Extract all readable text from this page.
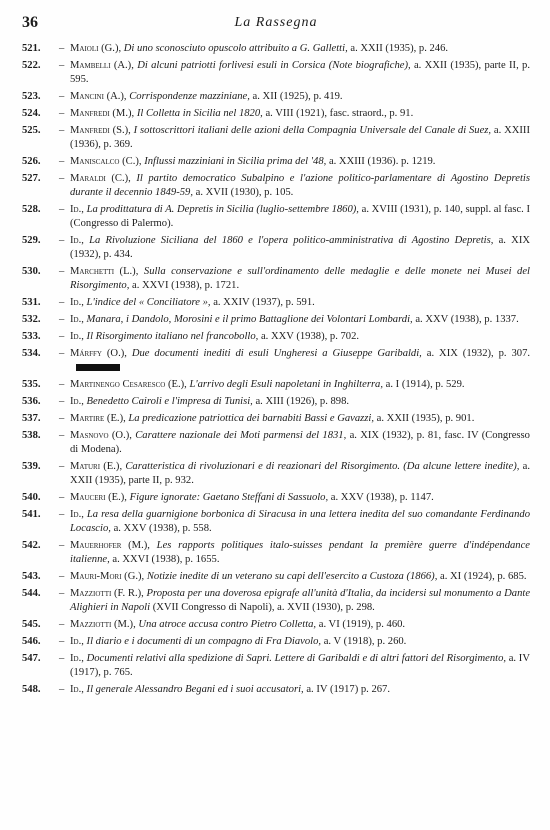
36	La Rassegna
521.	– Maioli (G.), Di uno sconosciuto opuscolo attribuito a G. Galletti, a. XXII (1935), p. 246.
522.	– Mambelli (A.), Di alcuni patriotti forlivesi esuli in Corsica (Note biografiche), a. XXII (1935), parte II, p. 595.
523.	– Mancini (A.), Corrispondenze mazziniane, a. XII (1925), p. 419.
524.	– Manfredi (M.), Il Colletta in Sicilia nel 1820, a. VIII (1921), fasc. straord., p. 91.
525.	– Manfredi (S.), I sottoscrittori italiani delle azioni della Compagnia Universale del Canale di Suez, a. XXIII (1936), p. 369.
526.	– Maniscalco (C.), Influssi mazziniani in Sicilia prima del '48, a. XXIII (1936). p. 1219.
527.	– Maraldi (C.), Il partito democratico Subalpino e l'azione politico-parlamentare di Agostino Depretis durante il decennio 1849-59, a. XVII (1930), p. 105.
528.	– Id., La prodittatura di A. Depretis in Sicilia (luglio-settembre 1860), a. XVIII (1931), p. 140, suppl. al fasc. I (Congresso di Palermo).
529.	– Id., La Rivoluzione Siciliana del 1860 e l'opera politico-amministrativa di Agostino Depretis, a. XIX (1932), p. 434.
530.	– Marchetti (L.), Sulla conservazione e sull'ordinamento delle medaglie e delle monete nei Musei del Risorgimento, a. XXVI (1938), p. 1721.
531.	– Id., L'indice del « Conciliatore », a. XXIV (1937), p. 591.
532.	– Id., Manara, i Dandolo, Morosini e il primo Battaglione dei Volontari Lombardi, a. XXV (1938), p. 1337.
533.	– Id., Il Risorgimento italiano nel francobollo, a. XXV (1938), p. 702.
534.	– Márffy (O.), Due documenti inediti di esuli Ungheresi a Giuseppe Garibaldi, a. XIX (1932), p. 307.
535.	– Martinengo Cesaresco (E.), L'arrivo degli Esuli napoletani in Inghilterra, a. I (1914), p. 529.
536.	– Id., Benedetto Cairoli e l'impresa di Tunisi, a. XIII (1926), p. 898.
537.	– Martire (E.), La predicazione patriottica dei barnabiti Bassi e Gavazzi, a. XXII (1935), p. 901.
538.	– Masnovo (O.), Carattere nazionale dei Moti parmensi del 1831, a. XIX (1932), p. 81, fasc. IV (Congresso di Modena).
539.	– Maturi (E.), Caratteristica di rivoluzionari e di reazionari del Risorgimento. (Da alcune lettere inedite), a. XXII (1935), parte II, p. 932.
540.	– Mauceri (E.), Figure ignorate: Gaetano Steffani di Sassuolo, a. XXV (1938), p. 1147.
541.	– Id., La resa della guarnigione borbonica di Siracusa in una lettera inedita del suo comandante Ferdinando Locascio, a. XXV (1938), p. 558.
542.	– Mauerhofer (M.), Les rapports politiques italo-suisses pendant la première guerre d'indépendance italienne, a. XXVI (1938), p. 1655.
543.	– Mauri-Mori (G.), Notizie inedite di un veterano su capi dell'esercito a Custoza (1866), a. XI (1924), p. 685.
544.	– Mazziotti (F. R.), Proposta per una doverosa epigrafe all'unità d'Italia, da incidersi sul monumento a Dante Alighieri in Napoli (XVII Congresso di Napoli), a. XVII (1930), p. 298.
545.	– Mazziotti (M.), Una atroce accusa contro Pietro Colletta, a. VI (1919), p. 460.
546.	– Id., Il diario e i documenti di un compagno di Fra Diavolo, a. V (1918), p. 260.
547.	– Id., Documenti relativi alla spedizione di Sapri. Lettere di Garibaldi e di altri fattori del Risorgimento, a. IV (1917), p. 765.
548.	– Id., Il generale Alessandro Begani ed i suoi accusatori, a. IV (1917) p. 267.
